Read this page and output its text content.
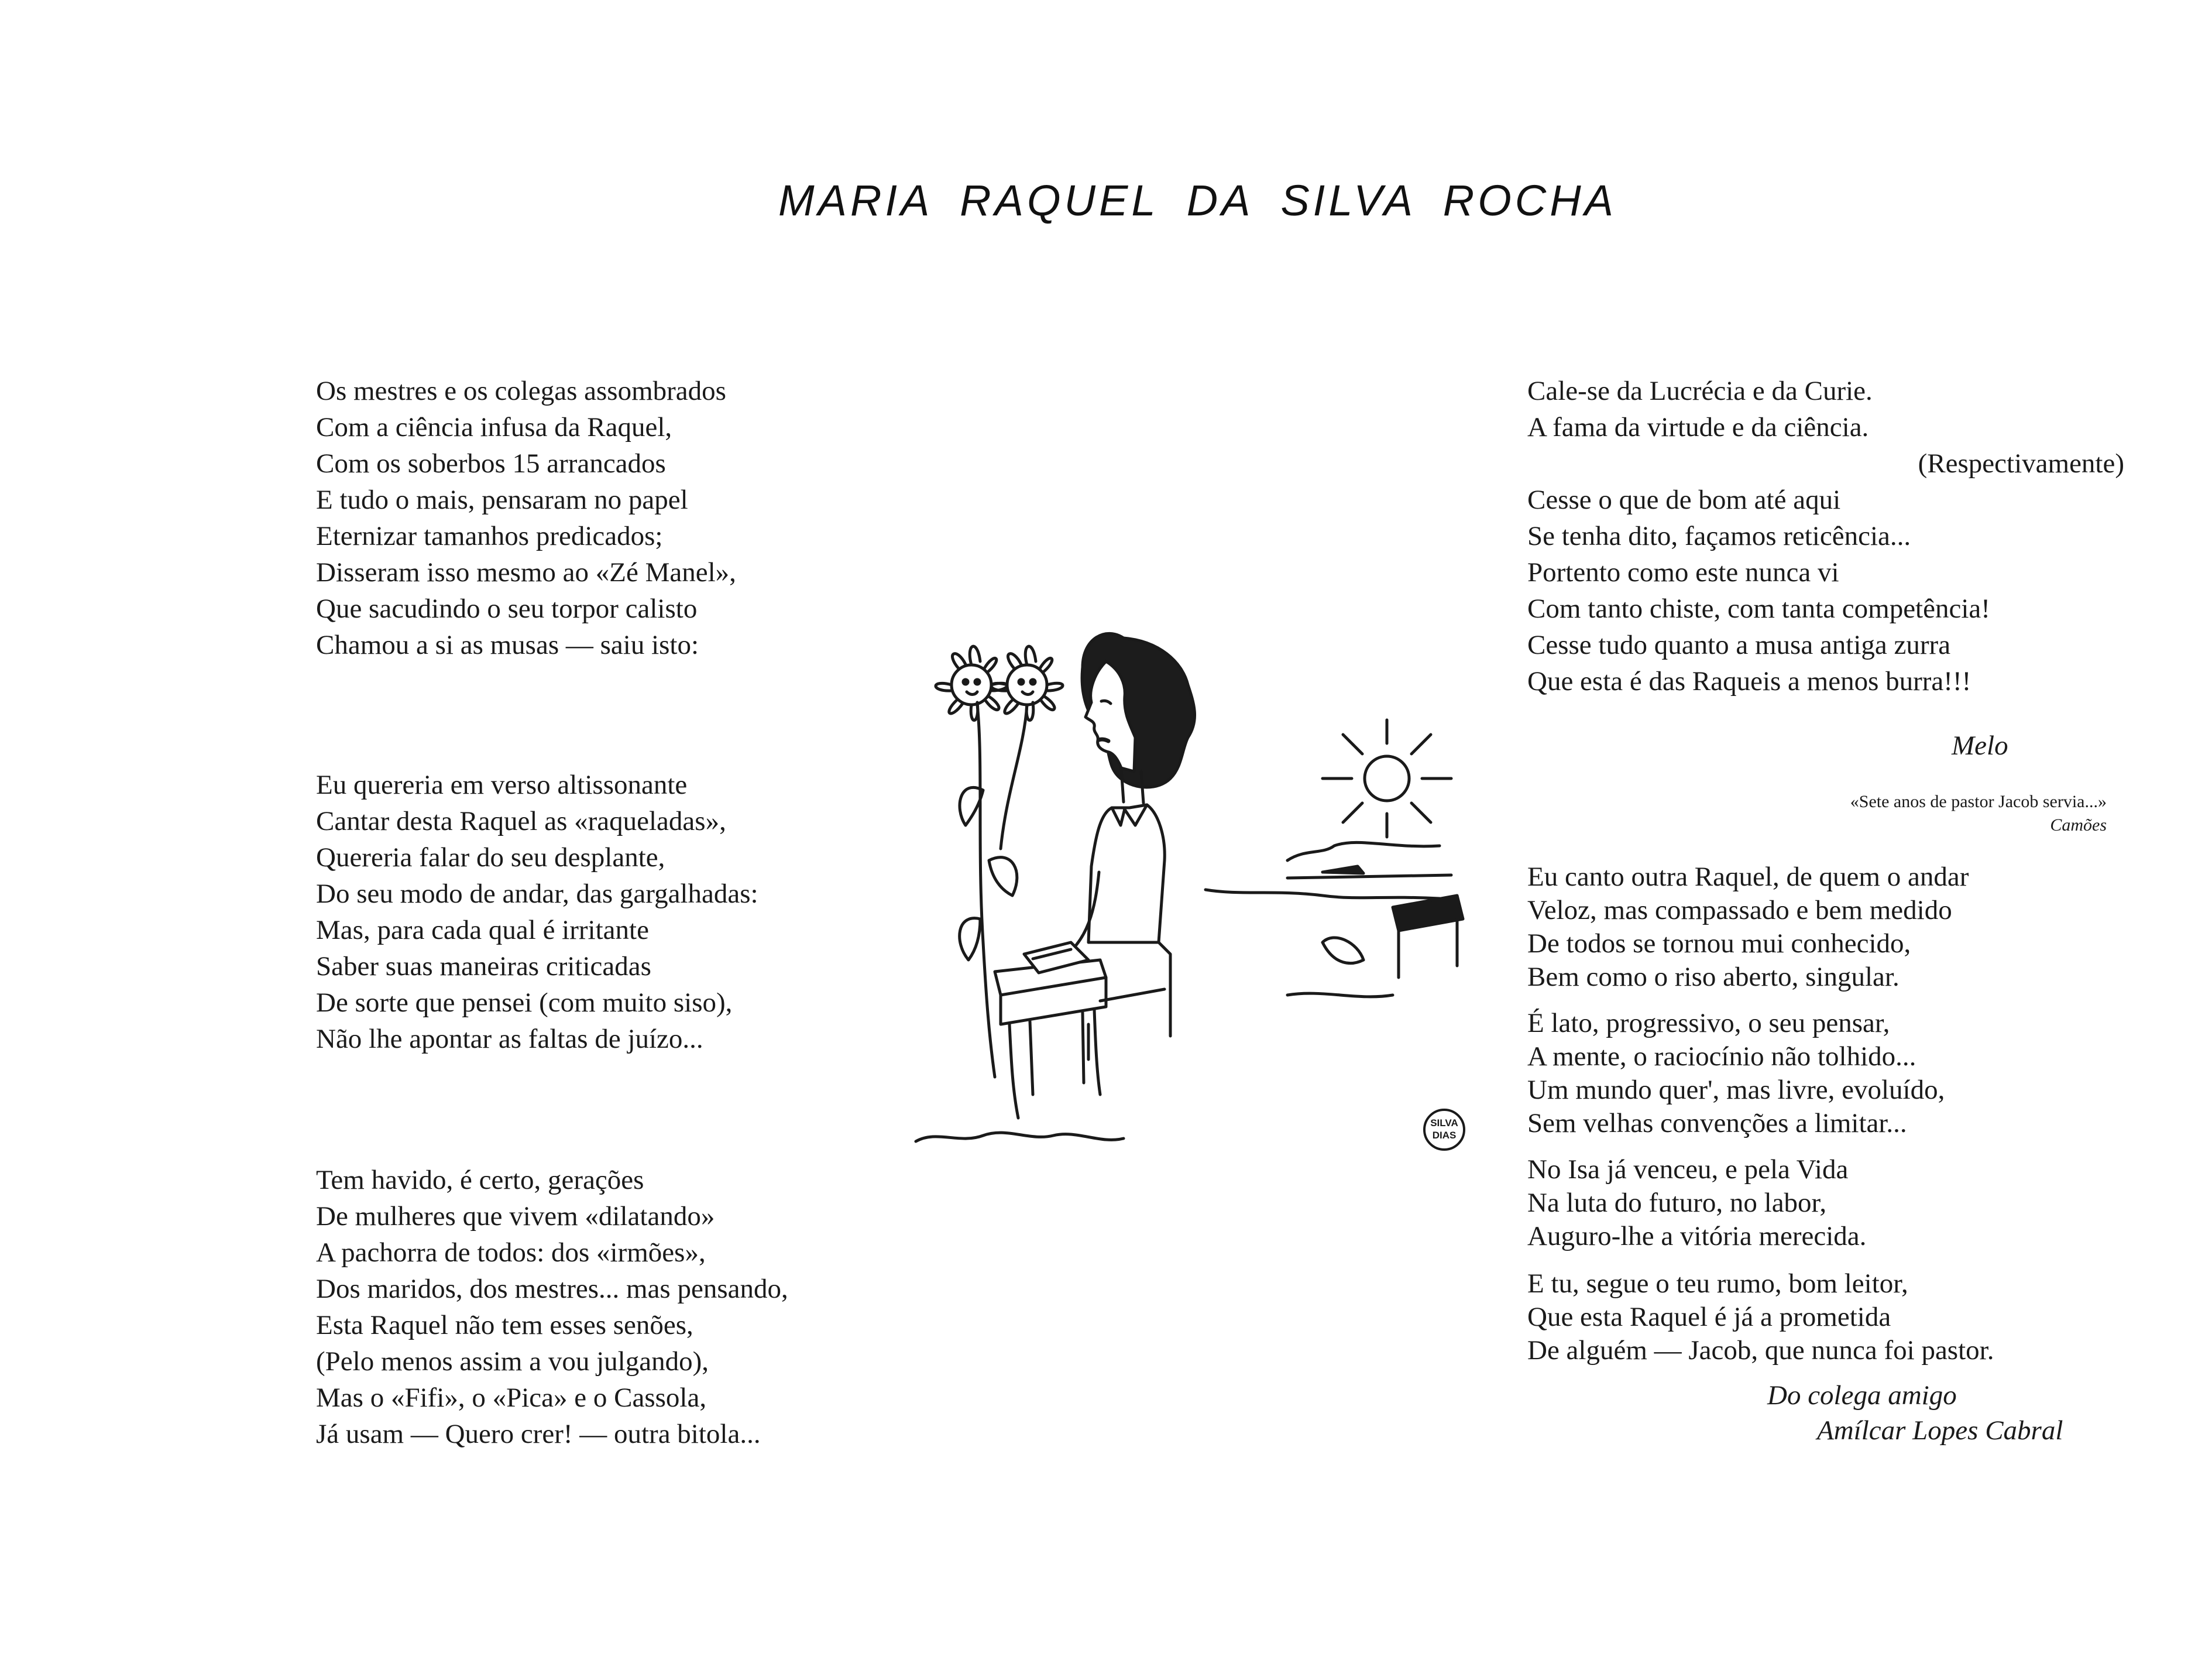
MARIA RAQUEL DA SILVA ROCHA
Os mestres e os colegas assombrados
Com a ciência infusa da Raquel,
Com os soberbos 15 arrancados
E tudo o mais, pensaram no papel
Eternizar tamanhos predicados;
Disseram isso mesmo ao «Zé Manel»,
Que sacudindo o seu torpor calisto
Chamou a si as musas — saiu isto:
Eu quereria em verso altissonante
Cantar desta Raquel as «raqueladas»,
Quereria falar do seu desplante,
Do seu modo de andar, das gargalhadas:
Mas, para cada qual é irritante
Saber suas maneiras criticadas
De sorte que pensei (com muito siso),
Não lhe apontar as faltas de juízo...
Tem havido, é certo, gerações
De mulheres que vivem «dilatando»
A pachorra de todos: dos «irmões»,
Dos maridos, dos mestres... mas pensando,
Esta Raquel não tem esses senões,
(Pelo menos assim a vou julgando),
Mas o «Fifi», o «Pica» e o Cassola,
Já usam — Quero crer! — outra bitola...
SILVA
DIAS
Cale-se da Lucrécia e da Curie.
A fama da virtude e da ciência.
(Respectivamente)
Cesse o que de bom até aqui
Se tenha dito, façamos reticência...
Portento como este nunca vi
Com tanto chiste, com tanta competência!
Cesse tudo quanto a musa antiga zurra
Que esta é das Raqueis a menos burra!!!
Melo
«Sete anos de pastor Jacob servia...»
Camões
Eu canto outra Raquel, de quem o andar
Veloz, mas compassado e bem medido
De todos se tornou mui conhecido,
Bem como o riso aberto, singular.
É lato, progressivo, o seu pensar,
A mente, o raciocínio não tolhido...
Um mundo quer', mas livre, evoluído,
Sem velhas convenções a limitar...
No Isa já venceu, e pela Vida
Na luta do futuro, no labor,
Auguro-lhe a vitória merecida.
E tu, segue o teu rumo, bom leitor,
Que esta Raquel é já a prometida
De alguém — Jacob, que nunca foi pastor.
Do colega amigo
Amílcar Lopes Cabral
